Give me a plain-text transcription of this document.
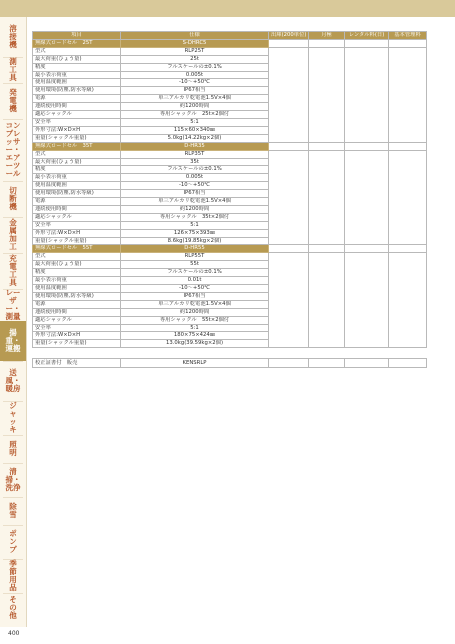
溶接機
測工具
発電機
コンプレッサー・エアーツール
切断機
金属加工
充電工具
レーザー・測量
揚重・運搬
送風・暖房
ジャッキ
照明
清掃・洗浄
除雪
ポンプ
季節用品
その他
400
項目	仕様	出庫(200単位)	月極	レンタル料(日)	基本管理料
無線式ロードセル　25T	S-DHRC5				
型式	RLP25T				
最大荷重(ひょう量)	25t				
精度	フルスケールの±0.1%				
最小表示荷重	0.005t				
使用温度範囲	-10〜+50℃				
使用環境(防塵,防水等級)	IP67相当				
電源	単三アルカリ乾電池1.5V×4個				
連続使用時間	約1200時間				
適応シャックル	専用シャックル　25t×2個付				
安全率	5:1				
外形寸法:W×D×H	115×60×340㎜				
重量(シャックル重量)	5.0kg(14.22kg×2個)				
無線式ロードセル　35T	D-HR35				
型式	RLP35T				
最大荷重(ひょう量)	35t				
精度	フルスケールの±0.1%				
最小表示荷重	0.005t				
使用温度範囲	-10〜+50℃				
使用環境(防塵,防水等級)	IP67相当				
電源	単三アルカリ乾電池1.5V×4個				
連続使用時間	約1200時間				
適応シャックル	専用シャックル　35t×2個付				
安全率	5:1				
外形寸法:W×D×H	126×75×393㎜				
重量(シャックル重量)	8.6kg(19.85kg×2個)				
無線式ロードセル　55T	D-HR55				
型式	RLP55T				
最大荷重(ひょう量)	55t				
精度	フルスケールの±0.1%				
最小表示荷重	0.01t				
使用温度範囲	-10〜+50℃				
使用環境(防塵,防水等級)	IP67相当				
電源	単三アルカリ乾電池1.5V×4個				
連続使用時間	約1200時間				
適応シャックル	専用シャックル　55t×2個付				
安全率	5:1				
外形寸法:W×D×H	180×75×424㎜				
重量(シャックル重量)	13.0kg(39.59kg×2個)				

校正証書付　販売	KENSRLP				
